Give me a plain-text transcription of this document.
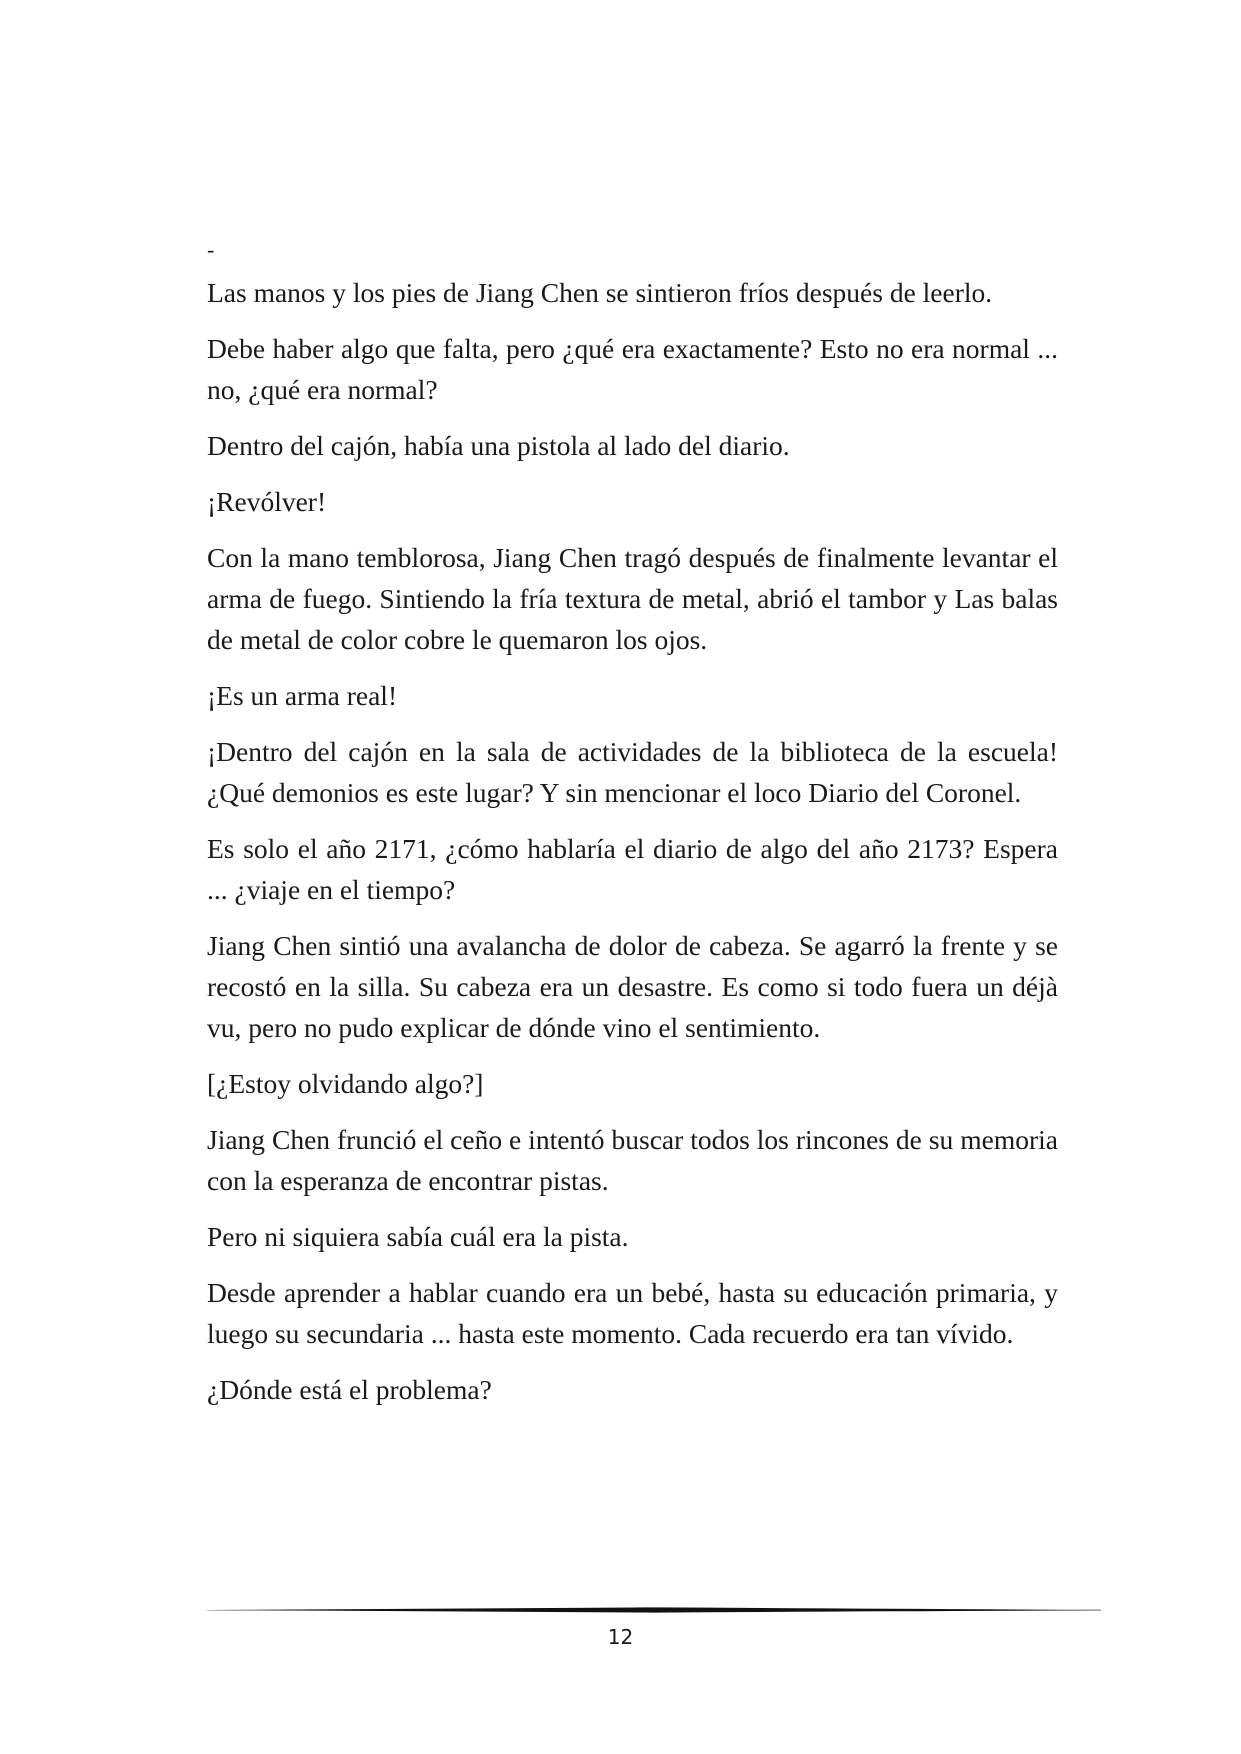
-

Las manos y los pies de Jiang Chen se sintieron fríos después de leerlo.

Debe haber algo que falta, pero ¿qué era exactamente? Esto no era normal ... no, ¿qué era normal?

Dentro del cajón, había una pistola al lado del diario.

¡Revólver!

Con la mano temblorosa, Jiang Chen tragó después de finalmente levantar el arma de fuego. Sintiendo la fría textura de metal, abrió el tambor y Las balas de metal de color cobre le quemaron los ojos.

¡Es un arma real!

¡Dentro del cajón en la sala de actividades de la biblioteca de la escuela! ¿Qué demonios es este lugar? Y sin mencionar el loco Diario del Coronel.

Es solo el año 2171, ¿cómo hablaría el diario de algo del año 2173? Espera ... ¿viaje en el tiempo?

Jiang Chen sintió una avalancha de dolor de cabeza. Se agarró la frente y se recostó en la silla. Su cabeza era un desastre. Es como si todo fuera un déjà vu, pero no pudo explicar de dónde vino el sentimiento.

[¿Estoy olvidando algo?]

Jiang Chen frunció el ceño e intentó buscar todos los rincones de su memoria con la esperanza de encontrar pistas.

Pero ni siquiera sabía cuál era la pista.

Desde aprender a hablar cuando era un bebé, hasta su educación primaria, y luego su secundaria ... hasta este momento. Cada recuerdo era tan vívido.

¿Dónde está el problema?

12
